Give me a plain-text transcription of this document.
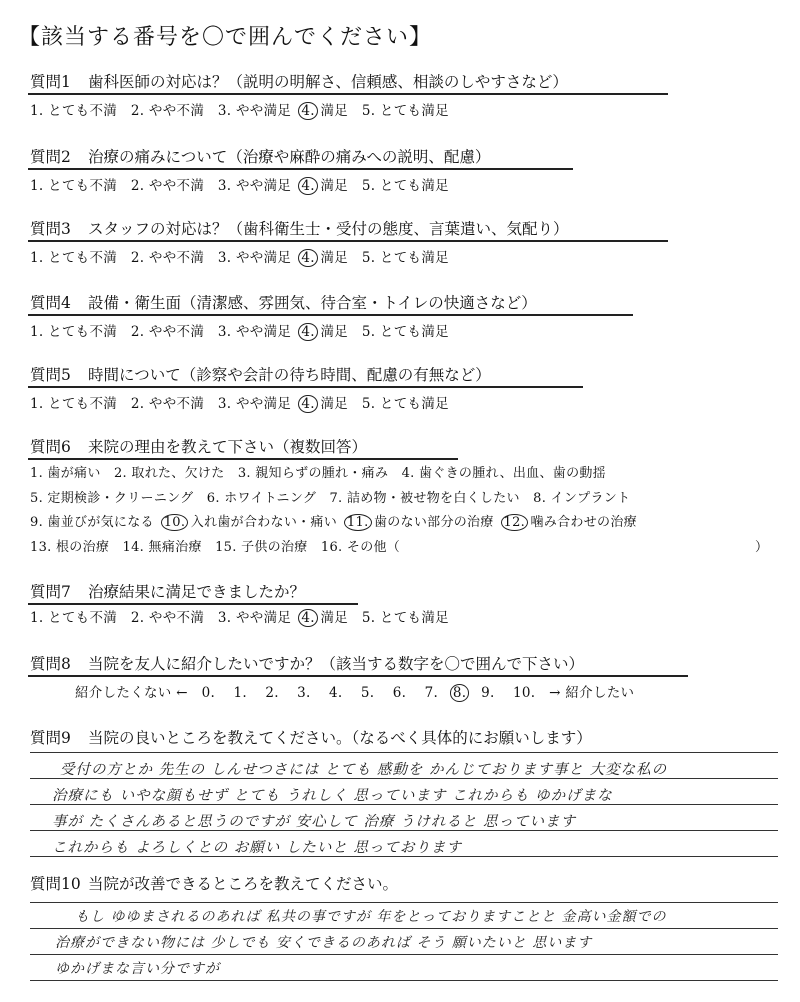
【該当する番号を〇で囲んでください】
質問1 歯科医師の対応は？（説明の明解さ、信頼感、相談のしやすさなど）
1. とても不満 2. やや不満 3. やや満足 4. 満足 5. とても満足
質問2 治療の痛みについて（治療や麻酔の痛みへの説明、配慮）
1. とても不満 2. やや不満 3. やや満足 4. 満足 5. とても満足
質問3 スタッフの対応は？（歯科衛生士・受付の態度、言葉遣い、気配り）
1. とても不満 2. やや不満 3. やや満足 4. 満足 5. とても満足
質問4 設備・衛生面（清潔感、雰囲気、待合室・トイレの快適さなど）
1. とても不満 2. やや不満 3. やや満足 4. 満足 5. とても満足
質問5 時間について（診察や会計の待ち時間、配慮の有無など）
1. とても不満 2. やや不満 3. やや満足 4. 満足 5. とても満足
質問6 来院の理由を教えて下さい（複数回答）
1. 歯が痛い 2. 取れた、欠けた 3. 親知らずの腫れ・痛み 4. 歯ぐきの腫れ、出血、歯の動揺
5. 定期検診・クリーニング 6. ホワイトニング 7. 詰め物・被せ物を白くしたい 8. インプラント
9. 歯並びが気になる 10. 入れ歯が合わない・痛い 11. 歯のない部分の治療 12. 噛み合わせの治療
13. 根の治療 14. 無痛治療 15. 子供の治療 16. その他（	）
質問7 治療結果に満足できましたか？
1. とても不満 2. やや不満 3. やや満足 4. 満足 5. とても満足
質問8 当院を友人に紹介したいですか？（該当する数字を〇で囲んで下さい）
紹介したくない ← 0. 1. 2. 3. 4. 5. 6. 7. 8. 9. 10. → 紹介したい
質問9 当院の良いところを教えてください。（なるべく具体的にお願いします）
受付の方とか 先生の しんせつさには とても 感動を かんじております事と 大変な私の
治療にも いやな顔もせず とても うれしく 思っています これからも ゆかげまな
事が たくさんあると思うのですが 安心して 治療 うけれると 思っています
これからも よろしくとの お願い したいと 思っております
質問10 当院が改善できるところを教えてください。
もし ゆゆまされるのあれば 私共の事ですが 年をとっておりますことと 金高い金額での
治療ができない物には 少しでも 安くできるのあれば そう 願いたいと 思います
ゆかげまな言い分ですが
